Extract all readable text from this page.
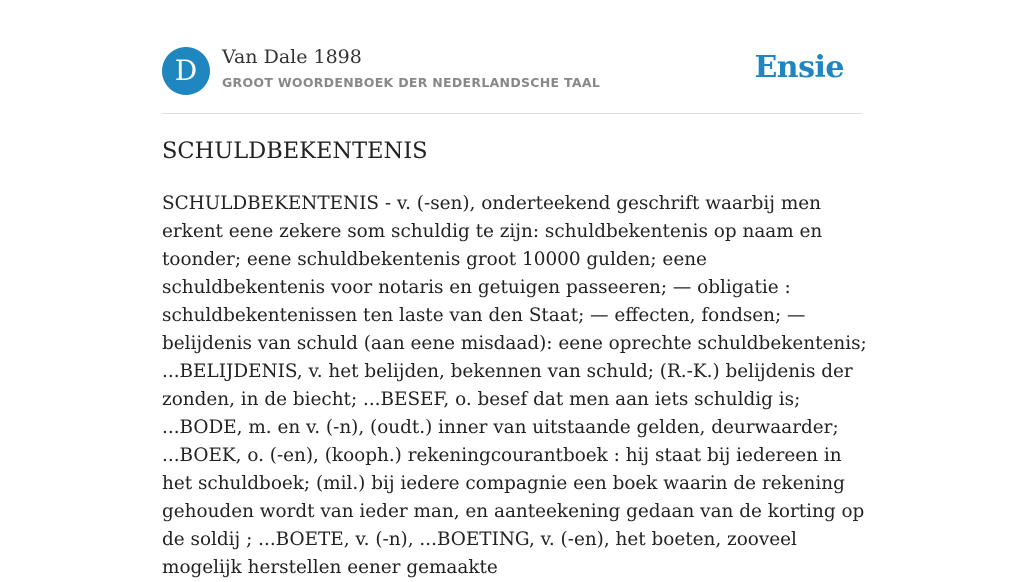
D	Van Dale 1898
GROOT WOORDENBOEK DER NEDERLANDSCHE TAAL	Ensie
SCHULDBEKENTENIS
SCHULDBEKENTENIS - v. (-sen), onderteekend geschrift waarbij men erkent eene zekere som schuldig te zijn: schuldbekentenis op naam en toonder; eene schuldbekentenis groot 10000 gulden; eene schuldbekentenis voor notaris en getuigen passeeren; — obligatie : schuldbekentenissen ten laste van den Staat; — effecten, fondsen; — belijdenis van schuld (aan eene misdaad): eene oprechte schuldbekentenis; ...BELIJDENIS, v. het belijden, bekennen van schuld; (R.-K.) belijdenis der zonden, in de biecht; ...BESEF, o. besef dat men aan iets schuldig is; ...BODE, m. en v. (-n), (oudt.) inner van uitstaande gelden, deurwaarder; ...BOEK, o. (-en), (kooph.) rekeningcourantboek : hij staat bij iedereen in het schuldboek; (mil.) bij iedere compagnie een boek waarin de rekening gehouden wordt van ieder man, en aanteekening gedaan van de korting op de soldij ; ...BOETE, v. (-n), ...BOETING, v. (-en), het boeten, zooveel mogelijk herstellen eener gemaakte
